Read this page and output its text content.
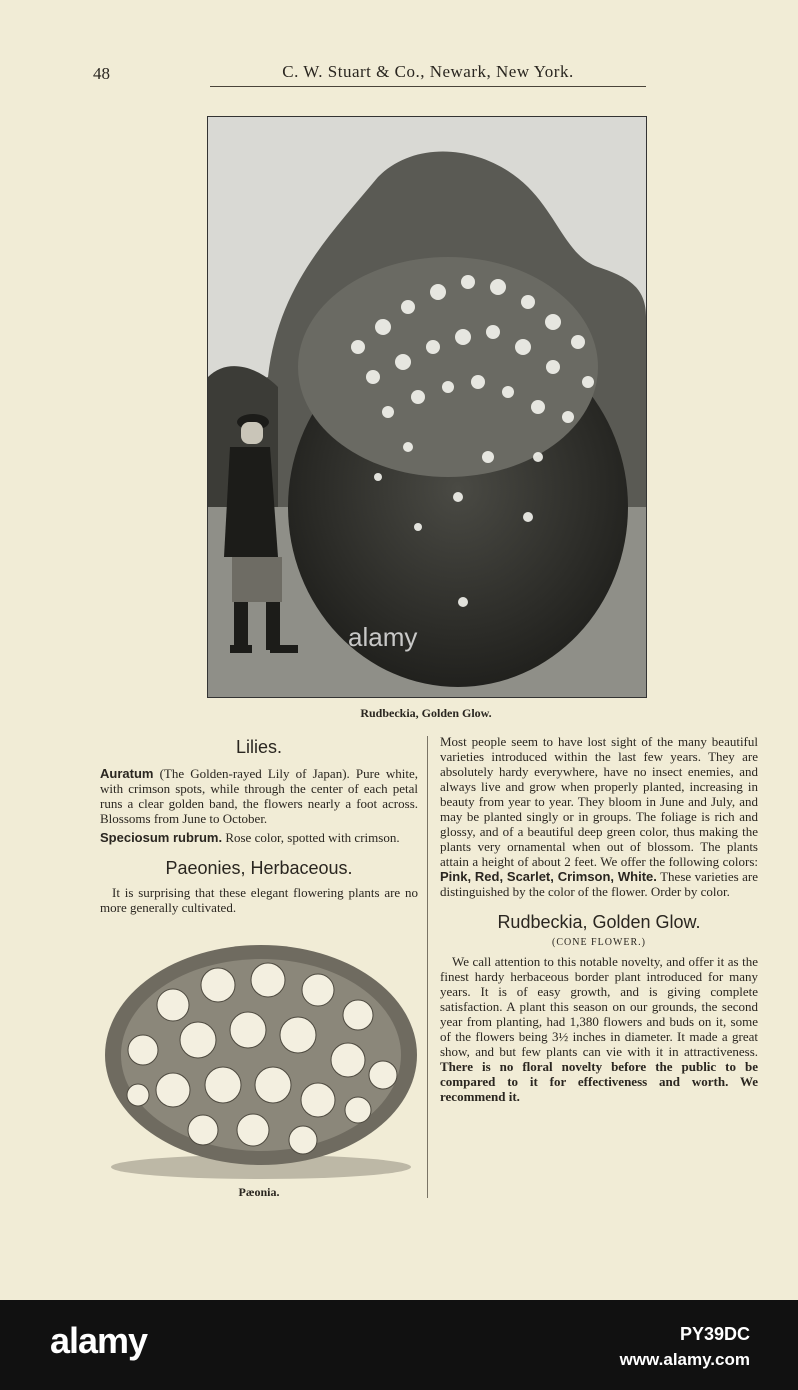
48	C. W. Stuart & Co., Newark, New York.
alamy
Rudbeckia, Golden Glow.
Lilies.

Auratum (The Golden-rayed Lily of Japan). Pure white, with crimson spots, while through the center of each petal runs a clear golden band, the flowers nearly a foot across. Blossoms from June to October.

Speciosum rubrum. Rose color, spotted with crimson.

Paeonies, Herbaceous.

It is surprising that these elegant flowering plants are no more generally cultivated.

Most people seem to have lost sight of the many beautiful varieties introduced within the last few years. They are absolutely hardy everywhere, have no insect enemies, and always live and grow when properly planted, increasing in beauty from year to year. They bloom in June and July, and may be planted singly or in groups. The foliage is rich and glossy, and of a beautiful deep green color, thus making the plants very ornamental when out of blossom. The plants attain a height of about 2 feet. We offer the following colors: Pink, Red, Scarlet, Crimson, White. These varieties are distinguished by the color of the flower. Order by color.

Rudbeckia, Golden Glow.
(CONE FLOWER.)

We call attention to this notable novelty, and offer it as the finest hardy herbaceous border plant introduced for many years. It is of easy growth, and is giving complete satisfaction. A plant this season on our grounds, the second year from planting, had 1,380 flowers and buds on it, some of the flowers being 3½ inches in diameter. It made a great show, and but few plants can vie with it in attractiveness. There is no floral novelty before the public to be compared to it for effectiveness and worth. We recommend it.

Pæonia.
alamy	PY39DC
www.alamy.com
